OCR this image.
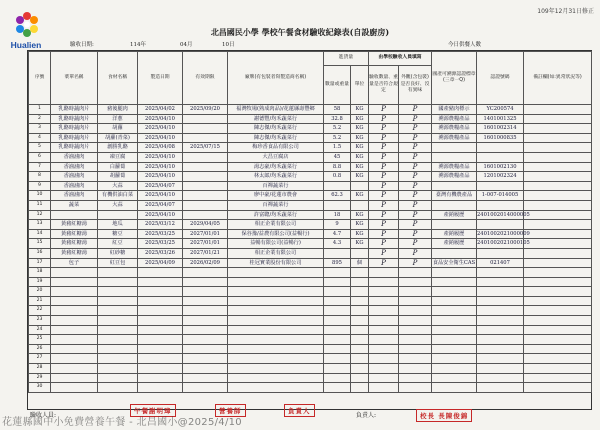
Hualien
109年12月31日修正
北昌國民小學 學校午餐食材驗收紀錄表(自設廚房)
驗收日期:	114年	04月	10日	今日供餐人數
序號	菜單名稱	食材名稱	製造日期	有效期限	廠牌(有包裝者寫製造商名稱)	進貨量		由學校驗收人員填寫		國產可溯源認證標章(三章一Q)	認證號碼	備註欄(如:異常狀況等)
						數量或重量	單位	驗收數量、重量是否符合規定	外觀(含包裝)是否良好、沒有異味			

1	乳酪時蔬肉片	豬後腿肉	2025/04/02	2025/09/20	福灣牧場(熟成肉品)/花蓮縣壽豐鄉	58	KG	P	P	國產豬肉標示	YC200574	
2	乳酪時蔬肉片	洋蔥	2025/04/10		謝德豐/均禾蔬菜行	32.8	KG	P	P	溯源農糧產品	1401001325	
3	乳酪時蔬肉片	胡蘿	2025/04/10		陳志傑/均禾蔬菜行	5.2	KG	P	P	溯源農糧產品	1601002314	
4	乳酪時蔬肉片	胡蘿(青菜)	2025/04/10		陳志傑/均禾蔬菜行	5.2	KG	P	P	溯源農糧產品	1601000835	
5	乳酪時蔬肉片	創勝乳酪	2025/04/08	2025/07/15	梅珍香食品有限公司	1.5	KG	P	P			
6	香滷滷肉	凍豆腐	2025/04/10		大昌豆腐店	45	KG	P	P			
7	香滷滷肉	白蘿蔔	2025/04/10		湯志豪/均禾蔬菜行	8.8	KG	P	P	溯源農糧產品	1601002130	
8	香滷滷肉	胡蘿蔔	2025/04/10		林太郎/均禾蔬菜行	0.8	KG	P	P	溯源農糧產品	1201002324	
9	香滷滷肉	大蒜	2025/04/07		百禪蔬菜行			P	P			
10	香滷滷肉	有機供油白菜	2025/04/10		廖中豪/花蓮市農會	62.3	KG	P	P	臺灣有機農產品	1-007-014005	
11	蔬菜	大蒜	2025/04/07		百禪蔬菜行			P	P			
12			2025/04/10		許富聰/均禾蔬菜行	18	KG	P	P	產銷履歷	2401002014000005	
13	黃豬紅糖湯	地瓜	2025/03/12	2029/04/05	相正企業有限公司	9	KG	P	P			
14	黃豬紅糖湯	糖豆	2025/03/25	2027/01/01	保谷豫/益農有限公司(益暢行)	4.7	KG	P	P	產銷履歷	2401002021000009	
15	黃豬紅糖湯	紅豆	2025/03/25	2027/01/01	益暢有限公司(益暢行)	4.3	KG	P	P	產銷履歷	2401002021000105	
16	黃豬紅糖湯	紅砂糖	2025/03/26	2027/01/21	相正企業有限公司			P	P			
17	包子	紅豆包	2025/04/09	2026/02/09	桂冠實業股份有限公司	895	個	P	P	食品安全衛生CAS	021407	
18												
19												
20												
21												
22												
23												
24												
25												
26												
27												
28												
29												
30												
午餐謝明璋	營養師	負責人
校長 長陳俊錦
驗收人員:	負責人:
花蓮縣國中小免費營養午餐 - 北昌國小@2025/4/10
